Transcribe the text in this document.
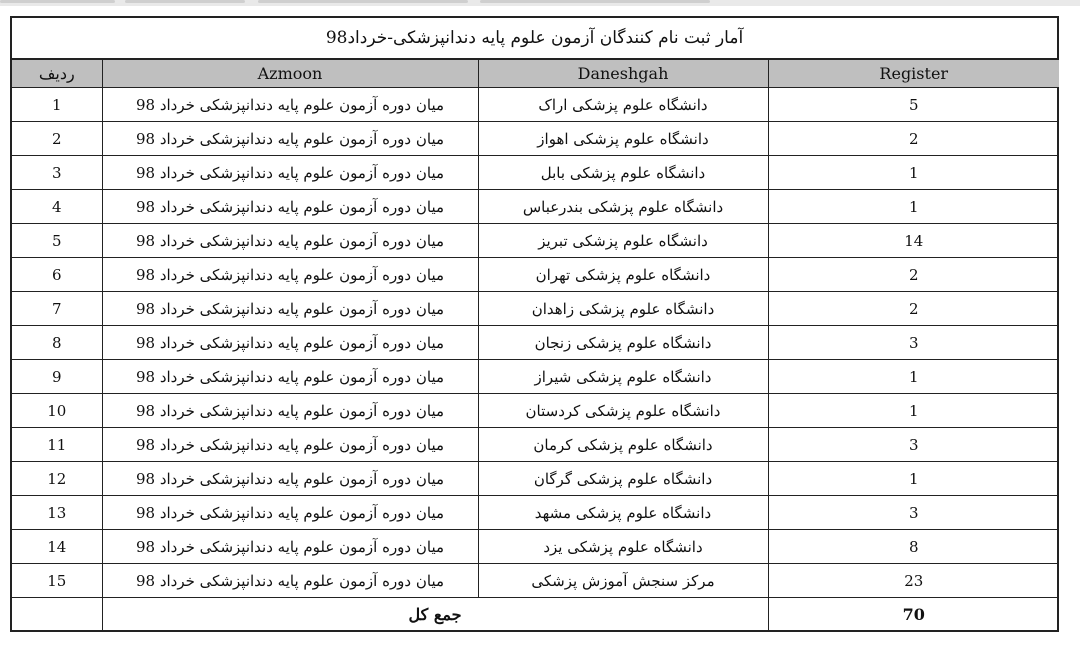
آمار ثبت نام کنندگان آزمون علوم پایه دندانپزشکی-خرداد98
ردیف	Azmoon	Daneshgah	Register
1	میان دوره آزمون علوم پایه دندانپزشکی خرداد 98	دانشگاه علوم پزشکی اراک	5
2	میان دوره آزمون علوم پایه دندانپزشکی خرداد 98	دانشگاه علوم پزشکی اهواز	2
3	میان دوره آزمون علوم پایه دندانپزشکی خرداد 98	دانشگاه علوم پزشکی بابل	1
4	میان دوره آزمون علوم پایه دندانپزشکی خرداد 98	دانشگاه علوم پزشکی بندرعباس	1
5	میان دوره آزمون علوم پایه دندانپزشکی خرداد 98	دانشگاه علوم پزشکی تبریز	14
6	میان دوره آزمون علوم پایه دندانپزشکی خرداد 98	دانشگاه علوم پزشکی تهران	2
7	میان دوره آزمون علوم پایه دندانپزشکی خرداد 98	دانشگاه علوم پزشکی زاهدان	2
8	میان دوره آزمون علوم پایه دندانپزشکی خرداد 98	دانشگاه علوم پزشکی زنجان	3
9	میان دوره آزمون علوم پایه دندانپزشکی خرداد 98	دانشگاه علوم پزشکی شیراز	1
10	میان دوره آزمون علوم پایه دندانپزشکی خرداد 98	دانشگاه علوم پزشکی کردستان	1
11	میان دوره آزمون علوم پایه دندانپزشکی خرداد 98	دانشگاه علوم پزشکی کرمان	3
12	میان دوره آزمون علوم پایه دندانپزشکی خرداد 98	دانشگاه علوم پزشکی گرگان	1
13	میان دوره آزمون علوم پایه دندانپزشکی خرداد 98	دانشگاه علوم پزشکی مشهد	3
14	میان دوره آزمون علوم پایه دندانپزشکی خرداد 98	دانشگاه علوم پزشکی یزد	8
15	میان دوره آزمون علوم پایه دندانپزشکی خرداد 98	مرکز سنجش آموزش پزشکی	23
	جمع کل		70
